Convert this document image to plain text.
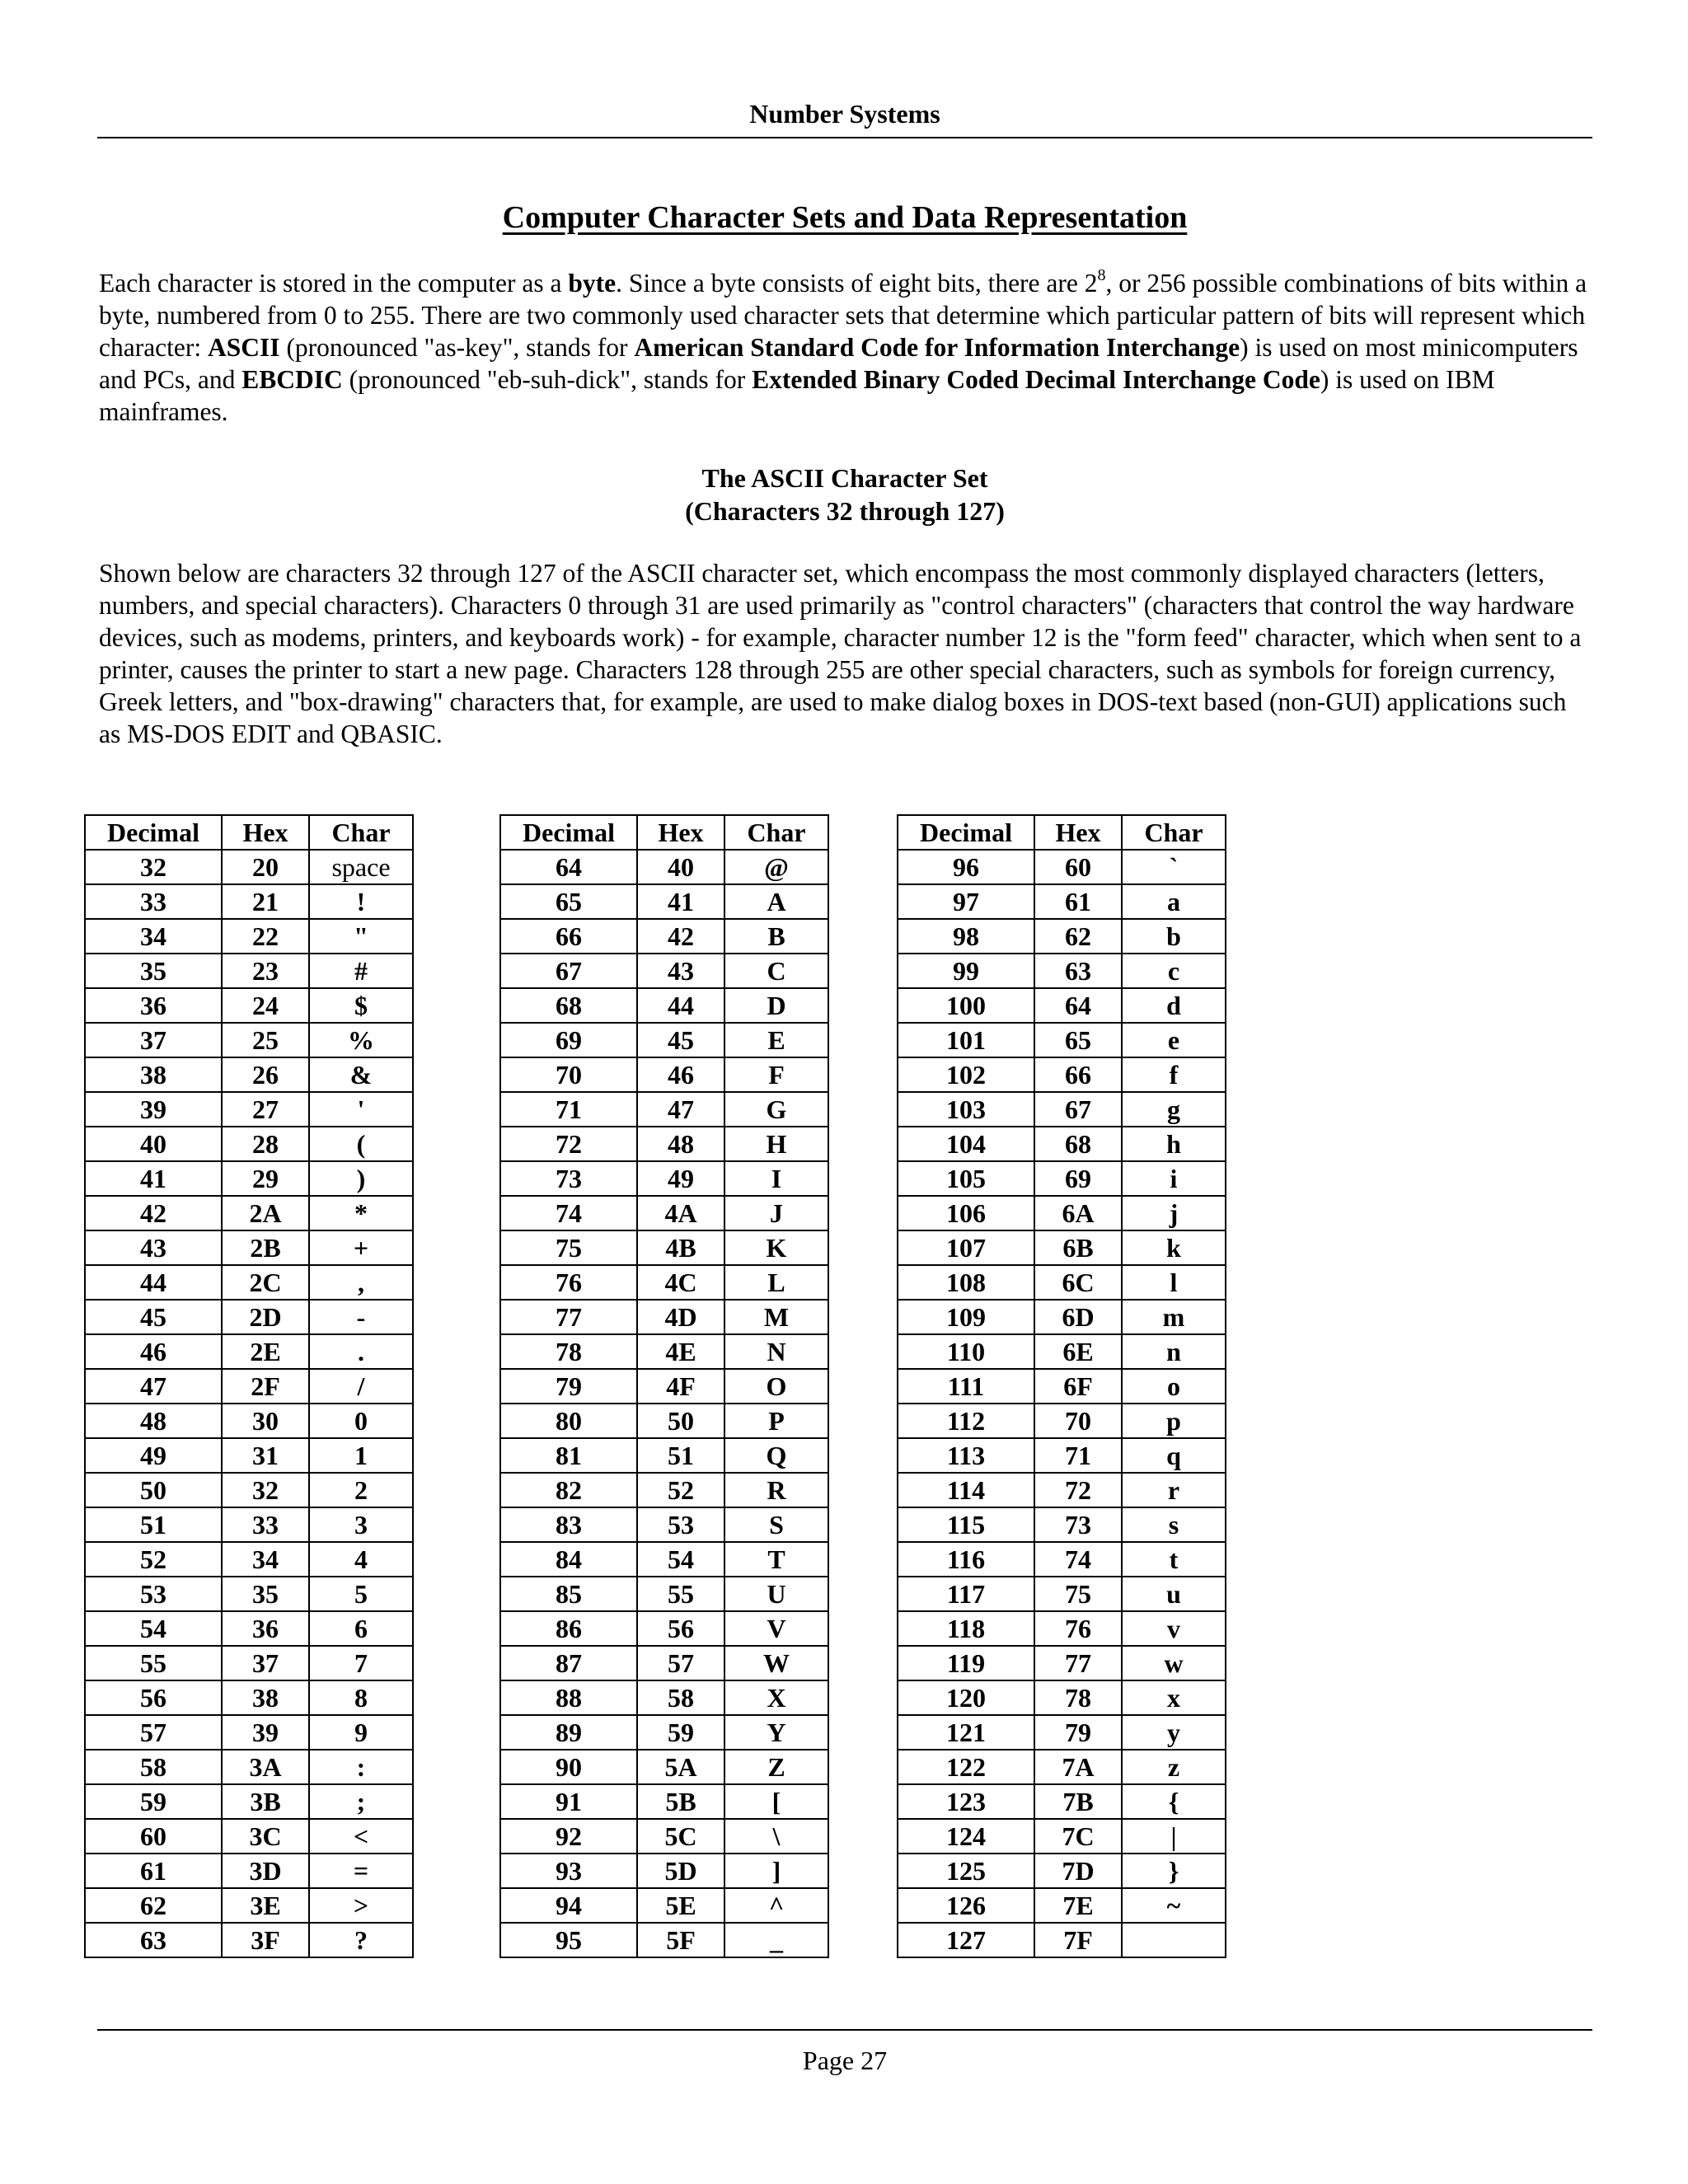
Number Systems
Computer Character Sets and Data Representation

Each character is stored in the computer as a byte. Since a byte consists of eight bits, there are $2^8$, or 256 possible combinations of bits within a byte, numbered from 0 to 255. There are two commonly used character sets that determine which particular pattern of bits will represent which character: ASCII (pronounced "as-key", stands for American Standard Code for Information Interchange) is used on most minicomputers and PCs, and EBCDIC (pronounced "eb-suh-dick", stands for Extended Binary Coded Decimal Interchange Code) is used on IBM mainframes.

The ASCII Character Set
(Characters 32 through 127)

Shown below are characters 32 through 127 of the ASCII character set, which encompass the most commonly displayed characters (letters, numbers, and special characters). Characters 0 through 31 are used primarily as "control characters" (characters that control the way hardware devices, such as modems, printers, and keyboards work) - for example, character number 12 is the "form feed" character, which when sent to a printer, causes the printer to start a new page. Characters 128 through 255 are other special characters, such as symbols for foreign currency, Greek letters, and "box-drawing" characters that, for example, are used to make dialog boxes in DOS-text based (non-GUI) applications such as MS-DOS EDIT and QBASIC.

Decimal	Hex	Char
32	20	space
33	21	!
34	22	"
35	23	#
36	24	$
37	25	%
38	26	&
39	27	'
40	28	(
41	29	)
42	2A	*
43	2B	+
44	2C	,
45	2D	-
46	2E	.
47	2F	/
48	30	0
49	31	1
50	32	2
51	33	3
52	34	4
53	35	5
54	36	6
55	37	7
56	38	8
57	39	9
58	3A	:
59	3B	;
60	3C	<
61	3D	=
62	3E	>
63	3F	?
Decimal	Hex	Char
64	40	@
65	41	A
66	42	B
67	43	C
68	44	D
69	45	E
70	46	F
71	47	G
72	48	H
73	49	I
74	4A	J
75	4B	K
76	4C	L
77	4D	M
78	4E	N
79	4F	O
80	50	P
81	51	Q
82	52	R
83	53	S
84	54	T
85	55	U
86	56	V
87	57	W
88	58	X
89	59	Y
90	5A	Z
91	5B	[
92	5C	\
93	5D	]
94	5E	^
95	5F	_
Decimal	Hex	Char
96	60	`
97	61	a
98	62	b
99	63	c
100	64	d
101	65	e
102	66	f
103	67	g
104	68	h
105	69	i
106	6A	j
107	6B	k
108	6C	l
109	6D	m
110	6E	n
111	6F	o
112	70	p
113	71	q
114	72	r
115	73	s
116	74	t
117	75	u
118	76	v
119	77	w
120	78	x
121	79	y
122	7A	z
123	7B	{
124	7C	|
125	7D	}
126	7E	~
127	7F	
Page 27
